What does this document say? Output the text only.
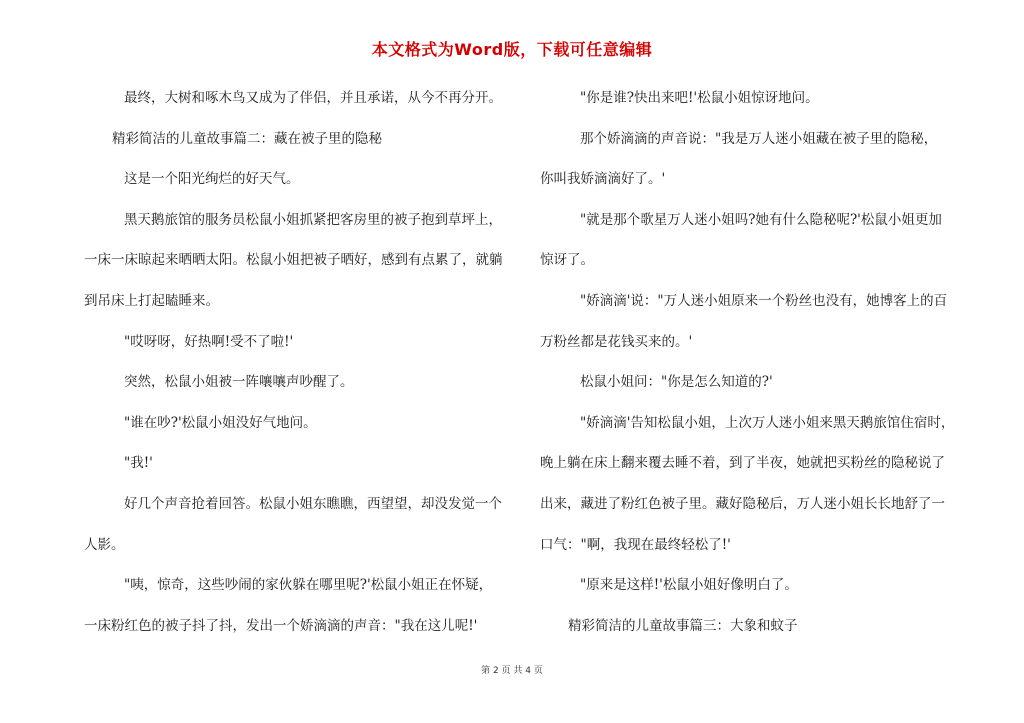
本文格式为Word版，下载可任意编辑

最终，大树和啄木鸟又成为了伴侣，并且承诺，从今不再分开。

精彩简洁的儿童故事篇二：藏在被子里的隐秘

这是一个阳光绚烂的好天气。

黑天鹅旅馆的服务员松鼠小姐抓紧把客房里的被子抱到草坪上，

一床一床晾起来晒晒太阳。松鼠小姐把被子晒好，感到有点累了，就躺

到吊床上打起瞌睡来。

"哎呀呀，好热啊!受不了啦!'

突然，松鼠小姐被一阵嚷嚷声吵醒了。

"谁在吵?'松鼠小姐没好气地问。

"我!'

好几个声音抢着回答。松鼠小姐东瞧瞧，西望望，却没发觉一个

人影。

"咦，惊奇，这些吵闹的家伙躲在哪里呢?'松鼠小姐正在怀疑，

一床粉红色的被子抖了抖，发出一个娇滴滴的声音："我在这儿呢!'

"你是谁?快出来吧!'松鼠小姐惊讶地问。

那个娇滴滴的声音说："我是万人迷小姐藏在被子里的隐秘，

你叫我娇滴滴好了。'

"就是那个歌星万人迷小姐吗?她有什么隐秘呢?'松鼠小姐更加

惊讶了。

"娇滴滴'说："万人迷小姐原来一个粉丝也没有，她博客上的百

万粉丝都是花钱买来的。'

松鼠小姐问："你是怎么知道的?'

"娇滴滴'告知松鼠小姐，上次万人迷小姐来黑天鹅旅馆住宿时，

晚上躺在床上翻来覆去睡不着，到了半夜，她就把买粉丝的隐秘说了

出来，藏进了粉红色被子里。藏好隐秘后，万人迷小姐长长地舒了一

口气："啊，我现在最终轻松了!'

"原来是这样!'松鼠小姐好像明白了。

精彩简洁的儿童故事篇三：大象和蚊子

第 2 页 共 4 页
